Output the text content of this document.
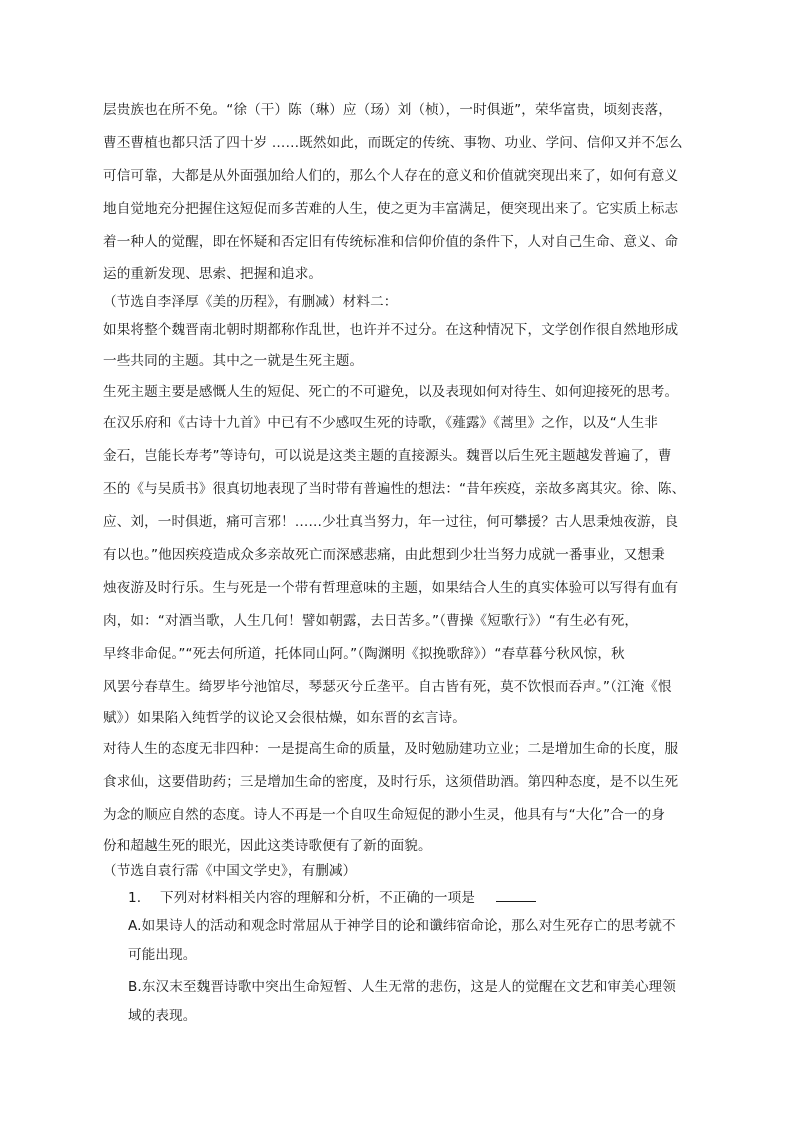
层贵族也在所不免。“徐（干）陈（琳）应（玚）刘（桢），一时俱逝”，荣华富贵，顷刻丧落，
曹丕曹植也都只活了四十岁 ……既然如此，而既定的传统、事物、功业、学问、信仰又并不怎么
可信可靠，大都是从外面强加给人们的，那么个人存在的意义和价值就突现出来了，如何有意义
地自觉地充分把握住这短促而多苦难的人生，使之更为丰富满足，便突现出来了。它实质上标志
着一种人的觉醒，即在怀疑和否定旧有传统标准和信仰价值的条件下，人对自己生命、意义、命
运的重新发现、思索、把握和追求。
（节选自李泽厚《美的历程》，有删减）材料二：
如果将整个魏晋南北朝时期都称作乱世，也许并不过分。在这种情况下，文学创作很自然地形成
一些共同的主题。其中之一就是生死主题。
生死主题主要是感慨人生的短促、死亡的不可避免，以及表现如何对待生、如何迎接死的思考。
在汉乐府和《古诗十九首》中已有不少感叹生死的诗歌，《薤露》《蒿里》之作，以及“人生非
金石，岂能长寿考”等诗句，可以说是这类主题的直接源头。魏晋以后生死主题越发普遍了，曹
丕的《与吴质书》很真切地表现了当时带有普遍性的想法：“昔年疾疫，亲故多离其灾。徐、陈、
应、刘，一时俱逝，痛可言邪！……少壮真当努力，年一过往，何可攀援？古人思秉烛夜游，良
有以也。”他因疾疫造成众多亲故死亡而深感悲痛，由此想到少壮当努力成就一番事业，又想秉
烛夜游及时行乐。生与死是一个带有哲理意味的主题，如果结合人生的真实体验可以写得有血有
肉，如：“对酒当歌，人生几何！譬如朝露，去日苦多。”（曹操《短歌行》）“有生必有死，
早终非命促。”“死去何所道，托体同山阿。”（陶渊明《拟挽歌辞》）“春草暮兮秋风惊，秋
风罢兮春草生。绮罗毕兮池馆尽，琴瑟灭兮丘垄平。自古皆有死，莫不饮恨而吞声。”（江淹《恨
赋》）如果陷入纯哲学的议论又会很枯燥，如东晋的玄言诗。
对待人生的态度无非四种：一是提高生命的质量，及时勉励建功立业；二是增加生命的长度，服
食求仙，这要借助药；三是增加生命的密度，及时行乐，这须借助酒。第四种态度，是不以生死
为念的顺应自然的态度。诗人不再是一个自叹生命短促的渺小生灵，他具有与“大化”合一的身
份和超越生死的眼光，因此这类诗歌便有了新的面貌。
（节选自袁行霈《中国文学史》，有删减）
1. 下列对材料相关内容的理解和分析，不正确的一项是
A.如果诗人的活动和观念时常屈从于神学目的论和谶纬宿命论，那么对生死存亡的思考就不
可能出现。
B.东汉末至魏晋诗歌中突出生命短暂、人生无常的悲伤，这是人的觉醒在文艺和审美心理领
域的表现。
